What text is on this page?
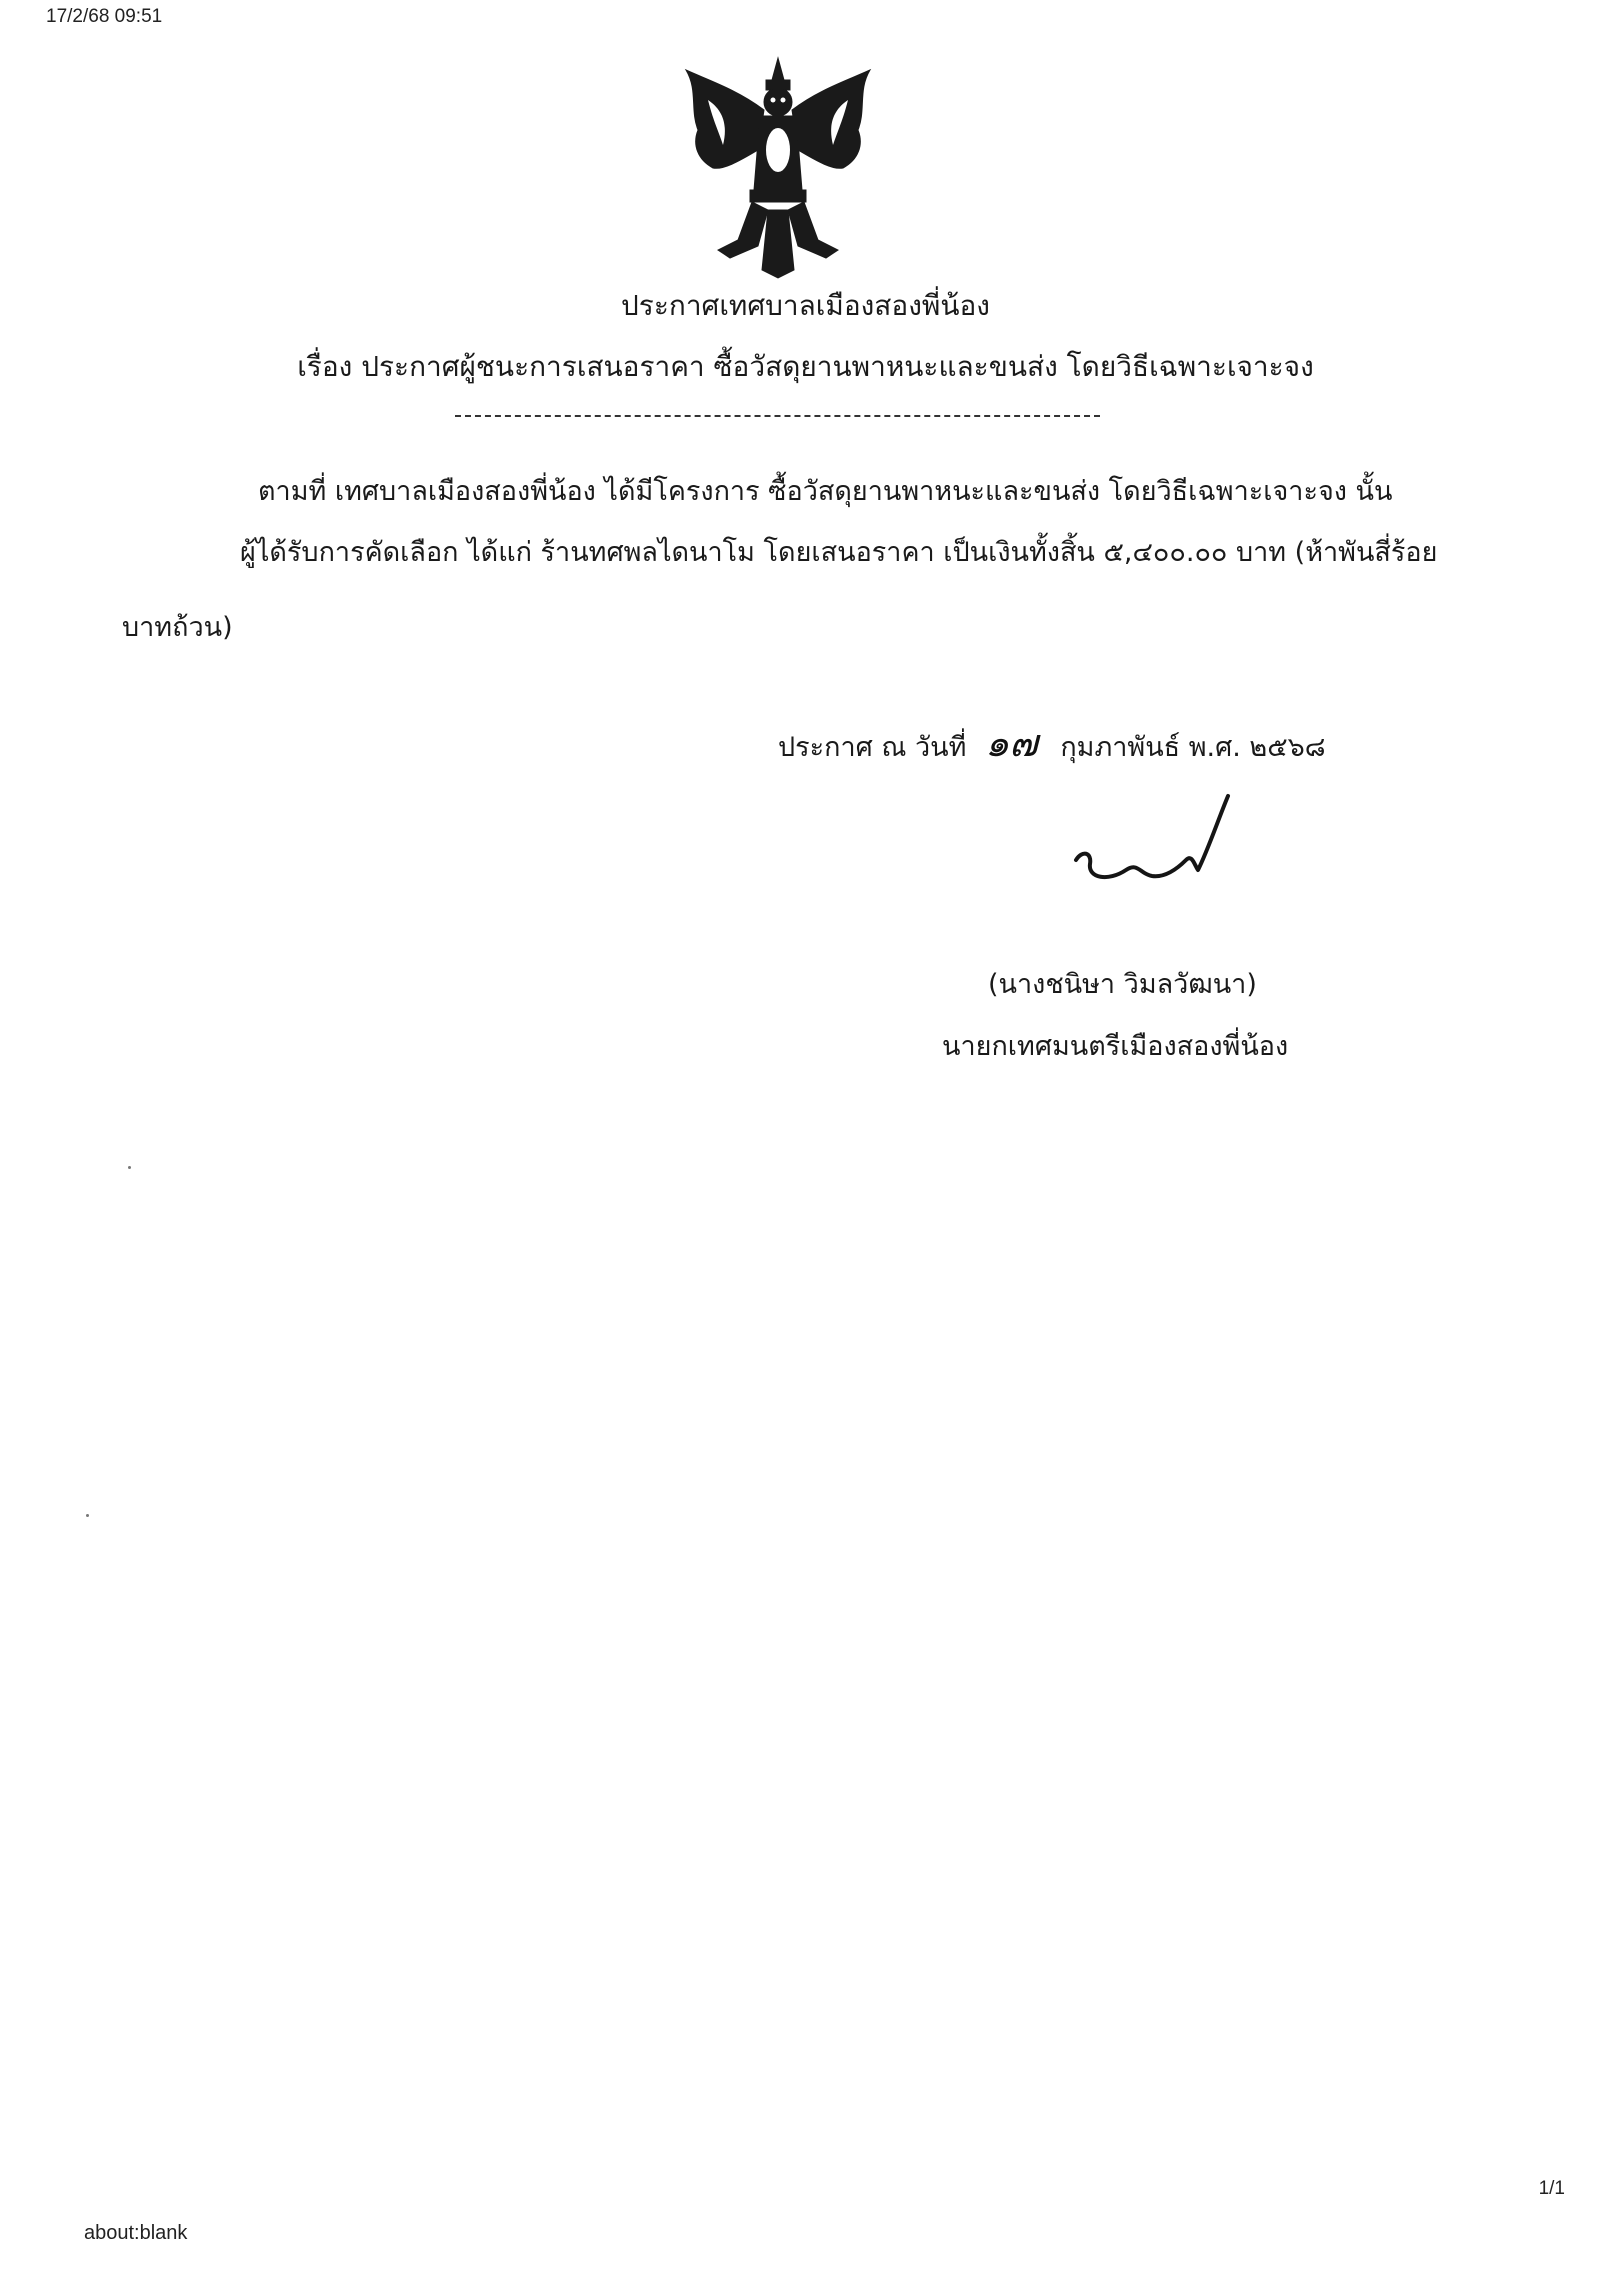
17/2/68 09:51
ประกาศเทศบาลเมืองสองพี่น้อง
เรื่อง ประกาศผู้ชนะการเสนอราคา ซื้อวัสดุยานพาหนะและขนส่ง โดยวิธีเฉพาะเจาะจง
ตามที่ เทศบาลเมืองสองพี่น้อง ได้มีโครงการ ซื้อวัสดุยานพาหนะและขนส่ง โดยวิธีเฉพาะเจาะจง นั้น
ผู้ได้รับการคัดเลือก ได้แก่ ร้านทศพลไดนาโม โดยเสนอราคา เป็นเงินทั้งสิ้น ๕,๔๐๐.๐๐ บาท (ห้าพันสี่ร้อย
บาทถ้วน)
ประกาศ ณ วันที่ ๑๗ กุมภาพันธ์ พ.ศ. ๒๕๖๘
(นางชนิษา วิมลวัฒนา)
นายกเทศมนตรีเมืองสองพี่น้อง
1/1
about:blank
